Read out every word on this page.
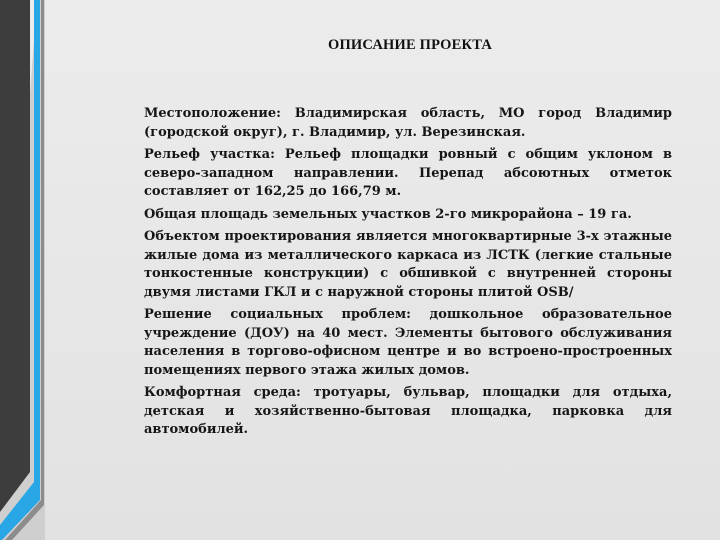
ОПИСАНИЕ ПРОЕКТА

Местоположение: Владимирская область, МО город Владимир (городской округ), г. Владимир, ул. Верезинская.

Рельеф участка: Рельеф площадки ровный с общим уклоном в северо-западном направлении. Перепад абсоютных отметок составляет от 162,25 до 166,79 м.

Общая площадь земельных участков 2-го микрорайона – 19 га.

Объектом проектирования является многоквартирные 3-х этажные жилые дома из металлического каркаса из ЛСТК (легкие стальные тонкостенные конструкции) с обшивкой с внутренней стороны двумя листами ГКЛ и с наружной стороны плитой OSB/

Решение социальных проблем: дошкольное образовательное учреждение (ДОУ) на 40 мест. Элементы бытового обслуживания населения в торгово-офисном центре и во встроено-простроенных помещениях первого этажа жилых домов.

Комфортная среда: тротуары, бульвар, площадки для отдыха, детская и хозяйственно-бытовая площадка, парковка для автомобилей.
